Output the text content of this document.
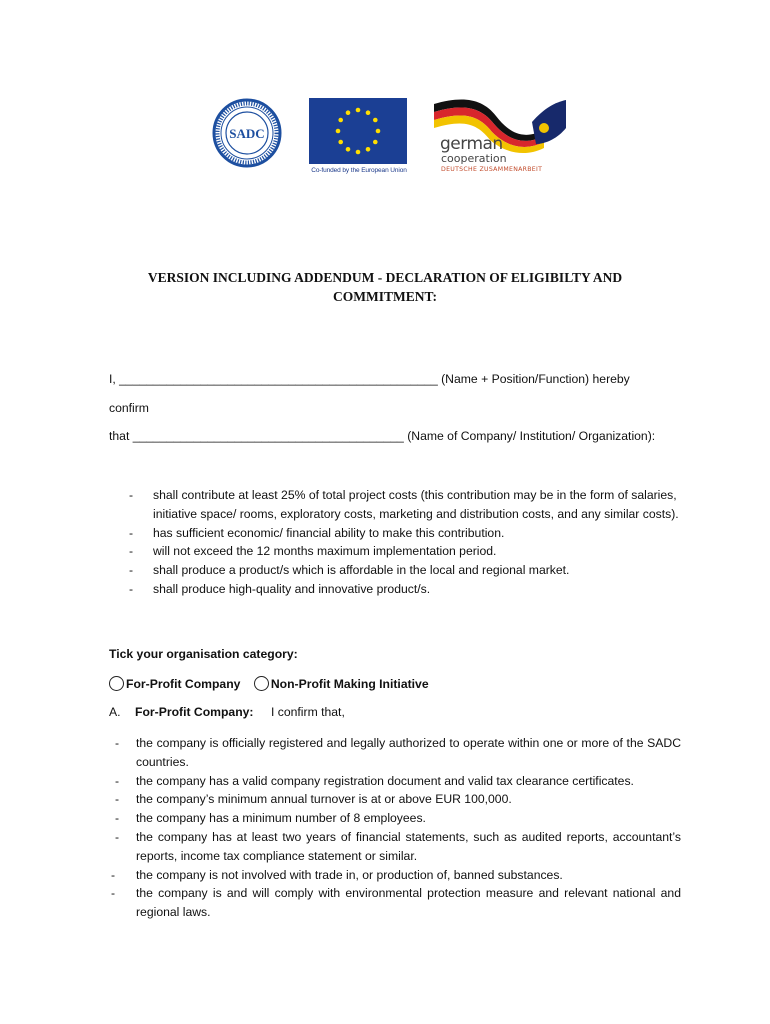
SADC
Co-funded by the European Union
german
cooperation
DEUTSCHE ZUSAMMENARBEIT
VERSION INCLUDING ADDENDUM - DECLARATION OF ELIGIBILTY AND COMMITMENT:
I, _______________________________________________ (Name + Position/Function) hereby
confirm
that ________________________________________ (Name of Company/ Institution/ Organization):
- shall contribute at least 25% of total project costs (this contribution may be in the form of salaries, initiative space/ rooms, exploratory costs, marketing and distribution costs, and any similar costs).
- has sufficient economic/ financial ability to make this contribution.
- will not exceed the 12 months maximum implementation period.
- shall produce a product/s which is affordable in the local and regional market.
- shall produce high-quality and innovative product/s.
Tick your organisation category:
For-Profit Company Non-Profit Making Initiative
A. For-Profit Company: I confirm that,
- the company is officially registered and legally authorized to operate within one or more of the SADC countries.
- the company has a valid company registration document and valid tax clearance certificates.
- the company’s minimum annual turnover is at or above EUR 100,000.
- the company has a minimum number of 8 employees.
- the company has at least two years of financial statements, such as audited reports, accountant’s reports, income tax compliance statement or similar.
- the company is not involved with trade in, or production of, banned substances.
- the company is and will comply with environmental protection measure and relevant national and regional laws.
